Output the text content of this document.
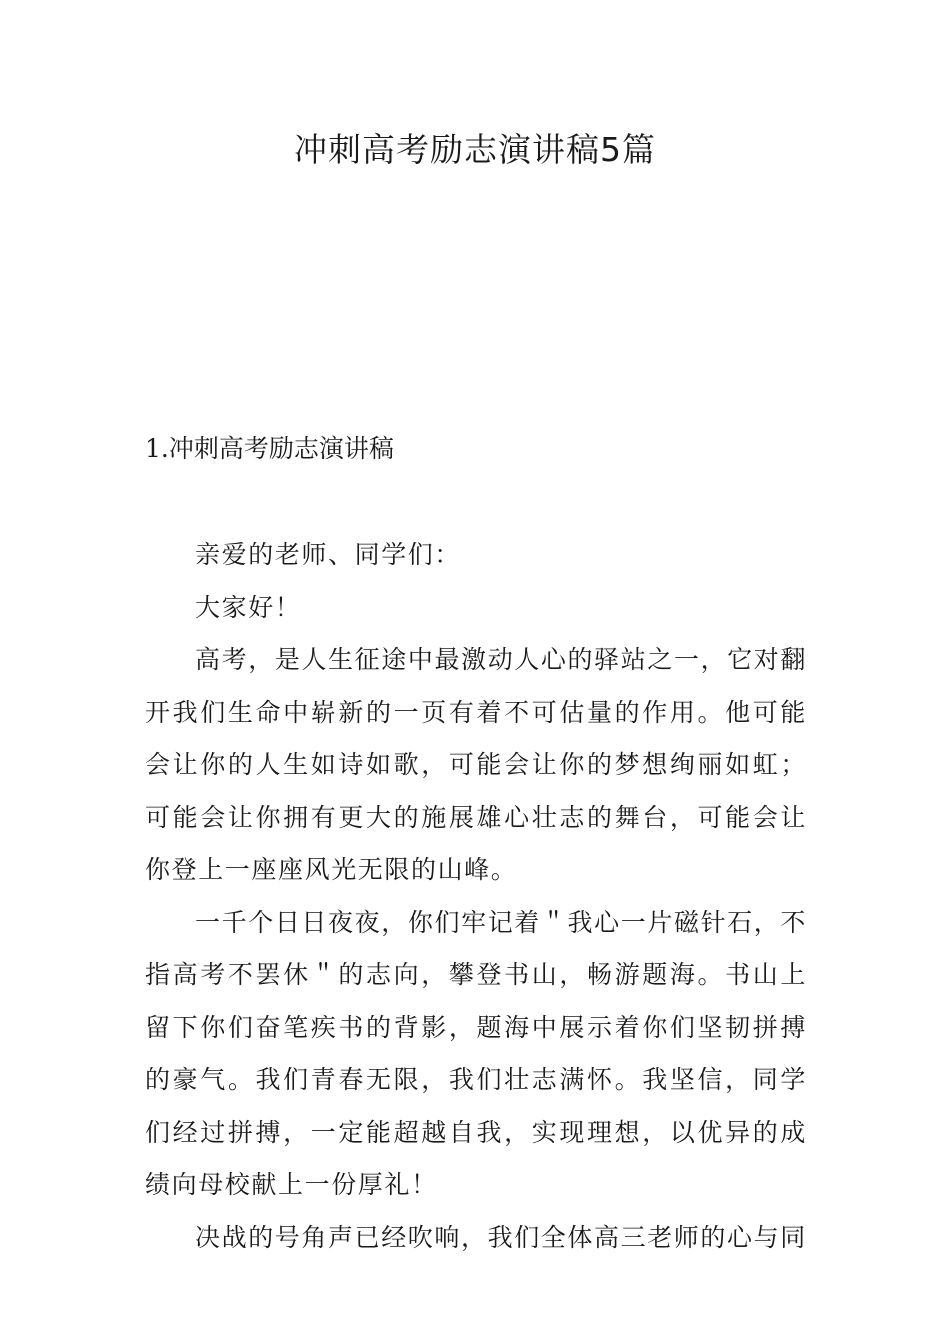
冲刺高考励志演讲稿5篇
1.冲刺高考励志演讲稿

亲爱的老师、同学们：

大家好！

高考，是人生征途中最激动人心的驿站之一，它对翻开我们生命中崭新的一页有着不可估量的作用。他可能会让你的人生如诗如歌，可能会让你的梦想绚丽如虹；可能会让你拥有更大的施展雄心壮志的舞台，可能会让你登上一座座风光无限的山峰。

一千个日日夜夜，你们牢记着＂我心一片磁针石，不指高考不罢休＂的志向，攀登书山，畅游题海。书山上留下你们奋笔疾书的背影，题海中展示着你们坚韧拼搏的豪气。我们青春无限，我们壮志满怀。我坚信，同学们经过拼搏，一定能超越自我，实现理想，以优异的成绩向母校献上一份厚礼！

决战的号角声已经吹响，我们全体高三老师的心与同
